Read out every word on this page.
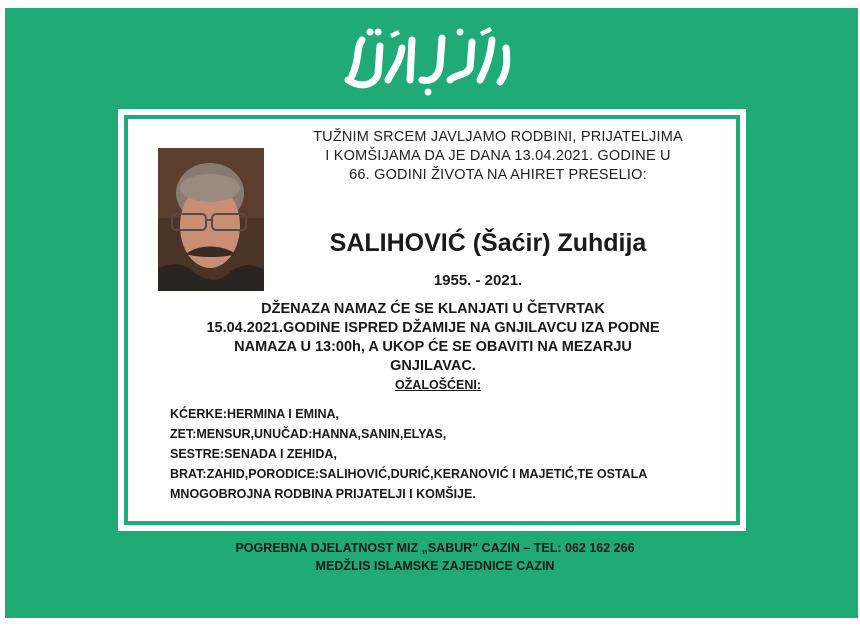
TUŽNIM SRCEM JAVLJAMO RODBINI, PRIJATELJIMA
I KOMŠIJAMA DA JE DANA 13.04.2021. GODINE U
66. GODINI ŽIVOTA NA AHIRET PRESELIO:
SALIHOVIĆ (Šaćir) Zuhdija
1955. - 2021.
DŽENAZA NAMAZ ĆE SE KLANJATI U ČETVRTAK
15.04.2021.GODINE ISPRED DŽAMIJE NA GNJILAVCU IZA PODNE
NAMAZA U 13:00h, A UKOP ĆE SE OBAVITI NA MEZARJU
GNJILAVAC.
OŽALOŠĆENI:
KĆERKE:HERMINA I EMINA,
ZET:MENSUR,UNUČAD:HANNA,SANIN,ELYAS,
SESTRE:SENADA I ZEHIDA,
BRAT:ZAHID,PORODICE:SALIHOVIĆ,DURIĆ,KERANOVIĆ I MAJETIĆ,TE OSTALA
MNOGOBROJNA RODBINA PRIJATELJI I KOMŠIJE.
POGREBNA DJELATNOST MIZ „SABUR" CAZIN – TEL: 062 162 266
MEDŽLIS ISLAMSKE ZAJEDNICE CAZIN
